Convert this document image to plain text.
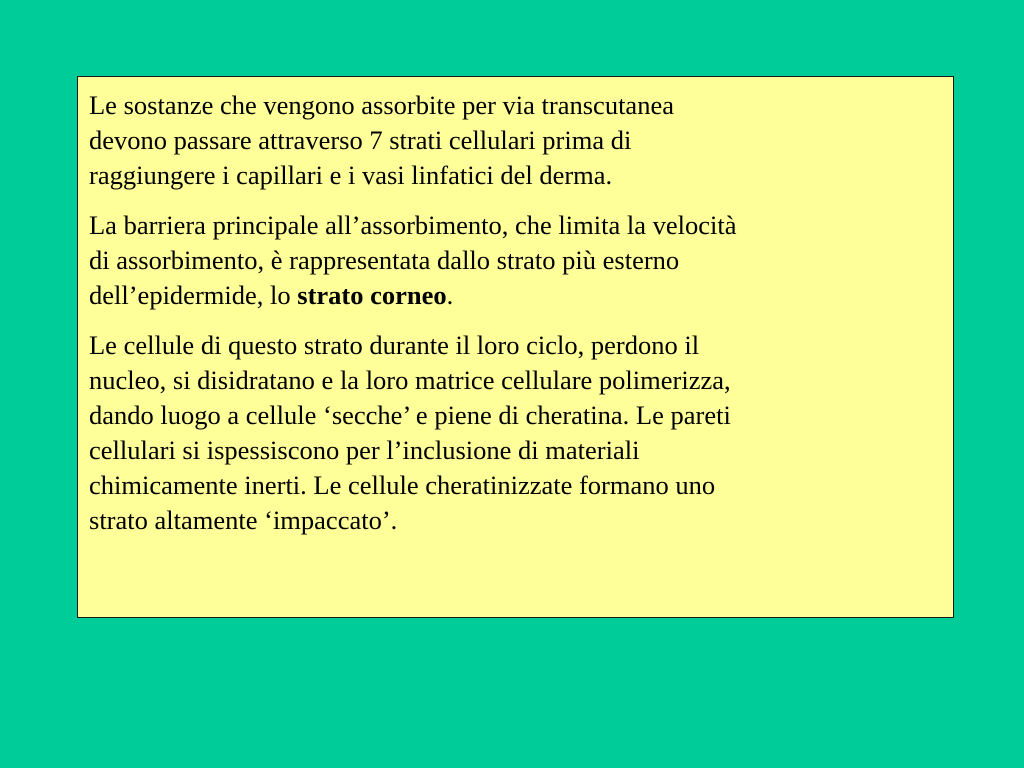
Le sostanze che vengono assorbite per via transcutanea
devono passare attraverso 7 strati cellulari prima di
raggiungere i capillari e i vasi linfatici del derma.

La barriera principale all’assorbimento, che limita la velocità
di assorbimento, è rappresentata dallo strato più esterno
dell’epidermide, lo strato corneo.

Le cellule di questo strato durante il loro ciclo, perdono il
nucleo, si disidratano e la loro matrice cellulare polimerizza,
dando luogo a cellule ‘secche’ e piene di cheratina. Le pareti
cellulari si ispessiscono per l’inclusione di materiali
chimicamente inerti. Le cellule cheratinizzate formano uno
strato altamente ‘impaccato’.
